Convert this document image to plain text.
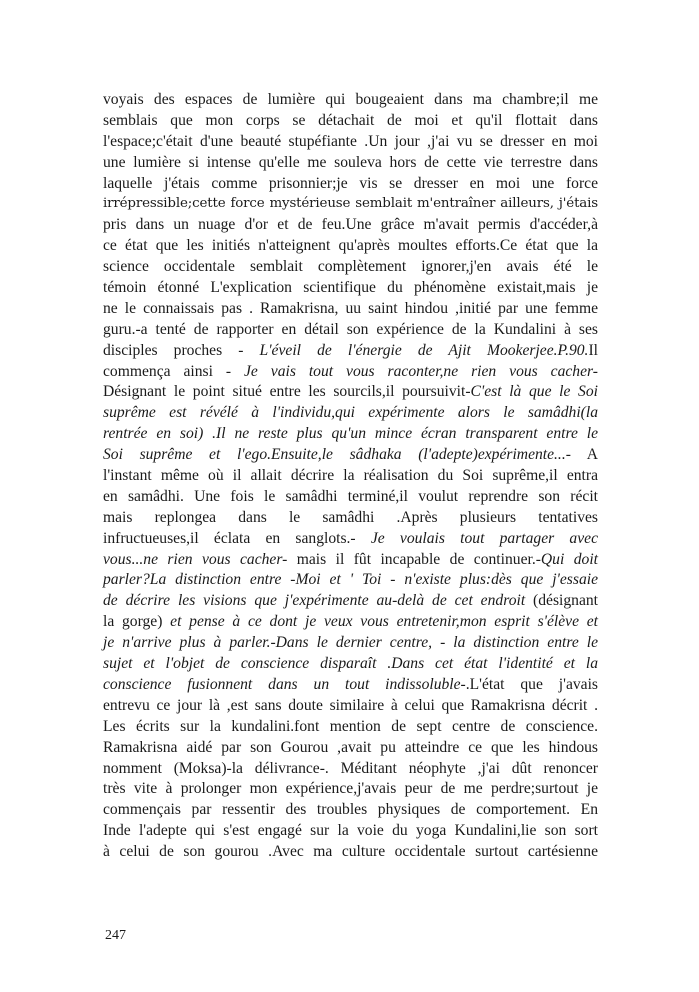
voyais des espaces de lumière qui bougeaient dans ma chambre;il me
semblais que mon corps se détachait de moi et qu'il flottait dans
l'espace;c'était d'une beauté stupéfiante .Un jour ,j'ai vu se dresser en moi
une lumière si intense qu'elle me souleva hors de cette vie terrestre dans
laquelle j'étais comme prisonnier;je vis se dresser en moi une force
irrépressible;cette force mystérieuse semblait m'entraîner ailleurs, j'étais
pris dans un nuage d'or et de feu.Une grâce m'avait permis d'accéder,à
ce état que les initiés n'atteignent qu'après moultes efforts.Ce état que la
science occidentale semblait complètement ignorer,j'en avais été le
témoin étonné L'explication scientifique du phénomène existait,mais je
ne le connaissais pas . Ramakrisna, uu saint hindou ,initié par une femme
guru.-a tenté de rapporter en détail son expérience de la Kundalini à ses
disciples proches - L'éveil de l'énergie de Ajit Mookerjee.P.90.Il
commença ainsi - Je vais tout vous raconter,ne rien vous cacher-
Désignant le point situé entre les sourcils,il poursuivit-C'est là que le Soi
suprême est révélé à l'individu,qui expérimente alors le samâdhi(la
rentrée en soi) .Il ne reste plus qu'un mince écran transparent entre le
Soi suprême et l'ego.Ensuite,le sâdhaka (l'adepte)expérimente...- A
l'instant même où il allait décrire la réalisation du Soi suprême,il entra
en samâdhi. Une fois le samâdhi terminé,il voulut reprendre son récit
mais replongea dans le samâdhi .Après plusieurs tentatives
infructueuses,il éclata en sanglots.- Je voulais tout partager avec
vous...ne rien vous cacher- mais il fût incapable de continuer.-Qui doit
parler?La distinction entre -Moi et ' Toi - n'existe plus:dès que j'essaie
de décrire les visions que j'expérimente au-delà de cet endroit (désignant
la gorge) et pense à ce dont je veux vous entretenir,mon esprit s'élève et
je n'arrive plus à parler.-Dans le dernier centre, - la distinction entre le
sujet et l'objet de conscience disparaît .Dans cet état l'identité et la
conscience fusionnent dans un tout indissoluble-.L'état que j'avais
entrevu ce jour là ,est sans doute similaire à celui que Ramakrisna décrit .
Les écrits sur la kundalini.font mention de sept centre de conscience.
Ramakrisna aidé par son Gourou ,avait pu atteindre ce que les hindous
nomment (Moksa)-la délivrance-. Méditant néophyte ,j'ai dût renoncer
très vite à prolonger mon expérience,j'avais peur de me perdre;surtout je
commençais par ressentir des troubles physiques de comportement. En
Inde l'adepte qui s'est engagé sur la voie du yoga Kundalini,lie son sort
à celui de son gourou .Avec ma culture occidentale surtout cartésienne
247
